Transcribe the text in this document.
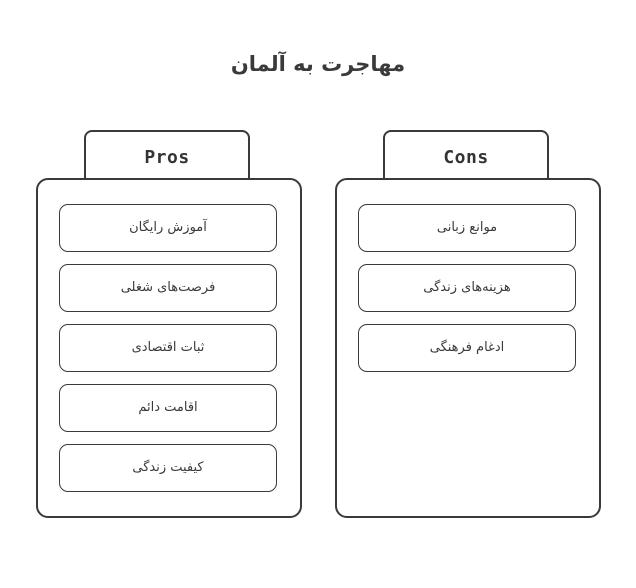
مهاجرت به آلمان
Pros
آموزش رایگان
فرصت‌های شغلی
ثبات اقتصادی
اقامت دائم
کیفیت زندگی
Cons
موانع زبانی
هزینه‌های زندگی
ادغام فرهنگی
